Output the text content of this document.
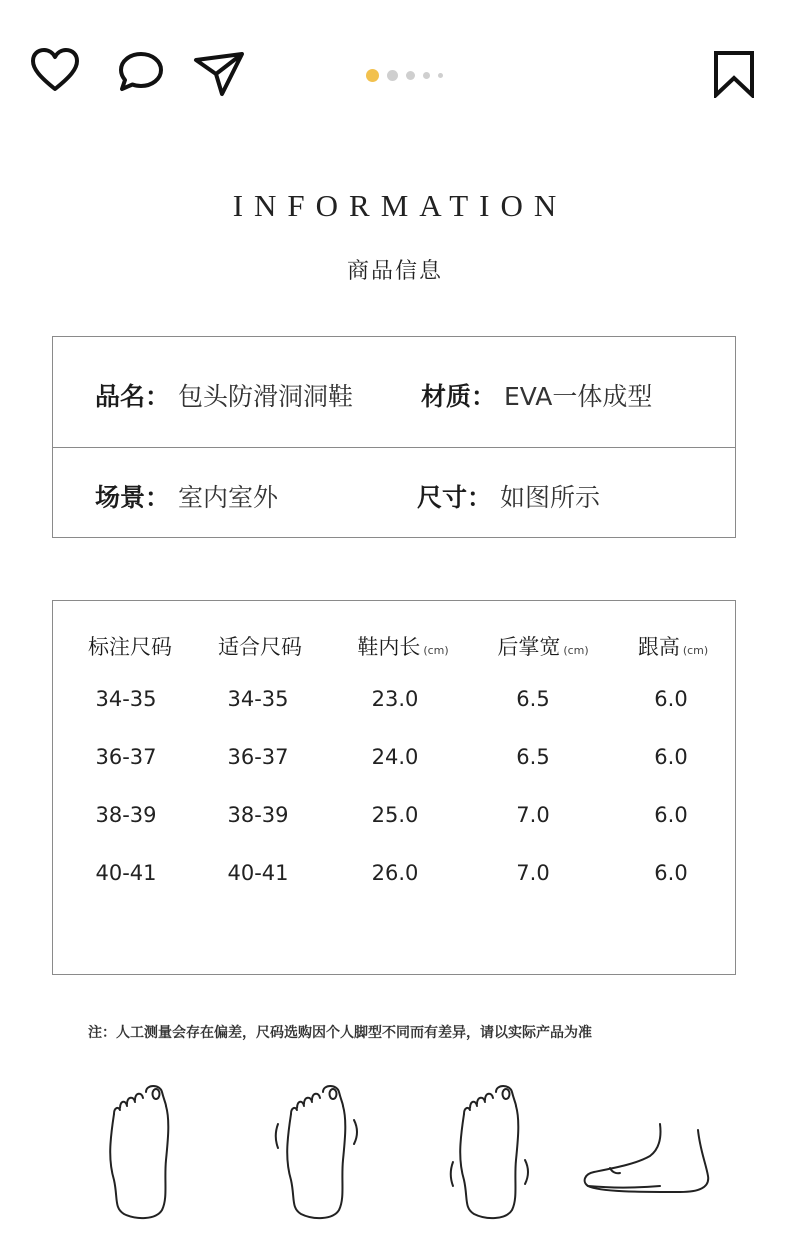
INFORMATION
商品信息
品名： 包头防滑洞洞鞋	材质： EVA一体成型
场景： 室内室外	尺寸： 如图所示
标注尺码 适合尺码	鞋内长 (cm) 后掌宽 (cm) 跟高 (cm)
34-35	34-35	23.0	6.5	6.0
36-37	36-37	24.0	6.5	6.0
38-39	38-39	25.0	7.0	6.0
40-41	40-41	26.0	7.0	6.0
注：人工测量会存在偏差，尺码选购因个人脚型不同而有差异，请以实际产品为准
